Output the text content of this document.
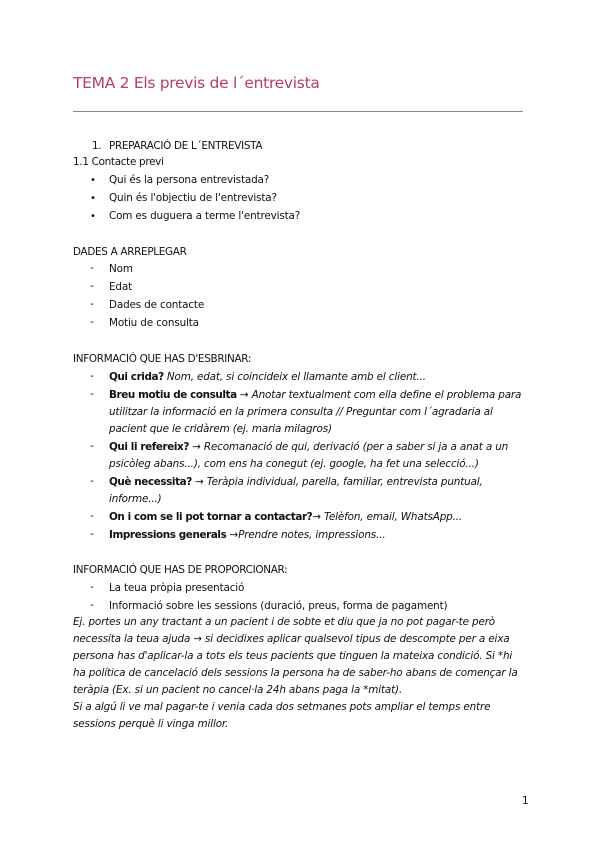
TEMA 2 Els previs de l´entrevista
1. PREPARACIÓ DE L´ENTREVISTA
1.1 Contacte previ
• Qui és la persona entrevistada?
• Quin és l'objectiu de l'entrevista?
• Com es duguera a terme l'entrevista?
DADES A ARREPLEGAR
- Nom
- Edat
- Dades de contacte
- Motiu de consulta
INFORMACIÓ QUE HAS D'ESBRINAR:
- Qui crida? Nom, edat, si coincideix el llamante amb el client...
- Breu motiu de consulta → Anotar textualment com ella define el problema para
utilitzar la informació en la primera consulta // Preguntar com l´agradaria al
pacient que le cridàrem (ej. maria milagros)
- Qui li refereix? → Recomanació de qui, derivació (per a saber si ja a anat a un
psicòleg abans...), com ens ha conegut (ej. google, ha fet una selecció...)
- Què necessita? → Teràpia individual, parella, familiar, entrevista puntual,
informe...)
- On i com se li pot tornar a contactar?→ Telèfon, email, WhatsApp...
- Impressions generals →Prendre notes, impressions...
INFORMACIÓ QUE HAS DE PROPORCIONAR:
- La teua pròpia presentació
- Informació sobre les sessions (duració, preus, forma de pagament)

Ej. portes un any tractant a un pacient i de sobte et diu que ja no pot pagar-te però

necessita la teua ajuda → si decidixes aplicar qualsevol tipus de descompte per a eixa

persona has d'aplicar-la a tots els teus pacients que tinguen la mateixa condició. Si *hi

ha política de cancelació dels sessions la persona ha de saber-ho abans de començar la

teràpia (Ex. si un pacient no cancel·la 24h abans paga la *mitat).

Si a algú li ve mal pagar-te i venia cada dos setmanes pots ampliar el temps entre

sessions perquè li vinga millor.

1
